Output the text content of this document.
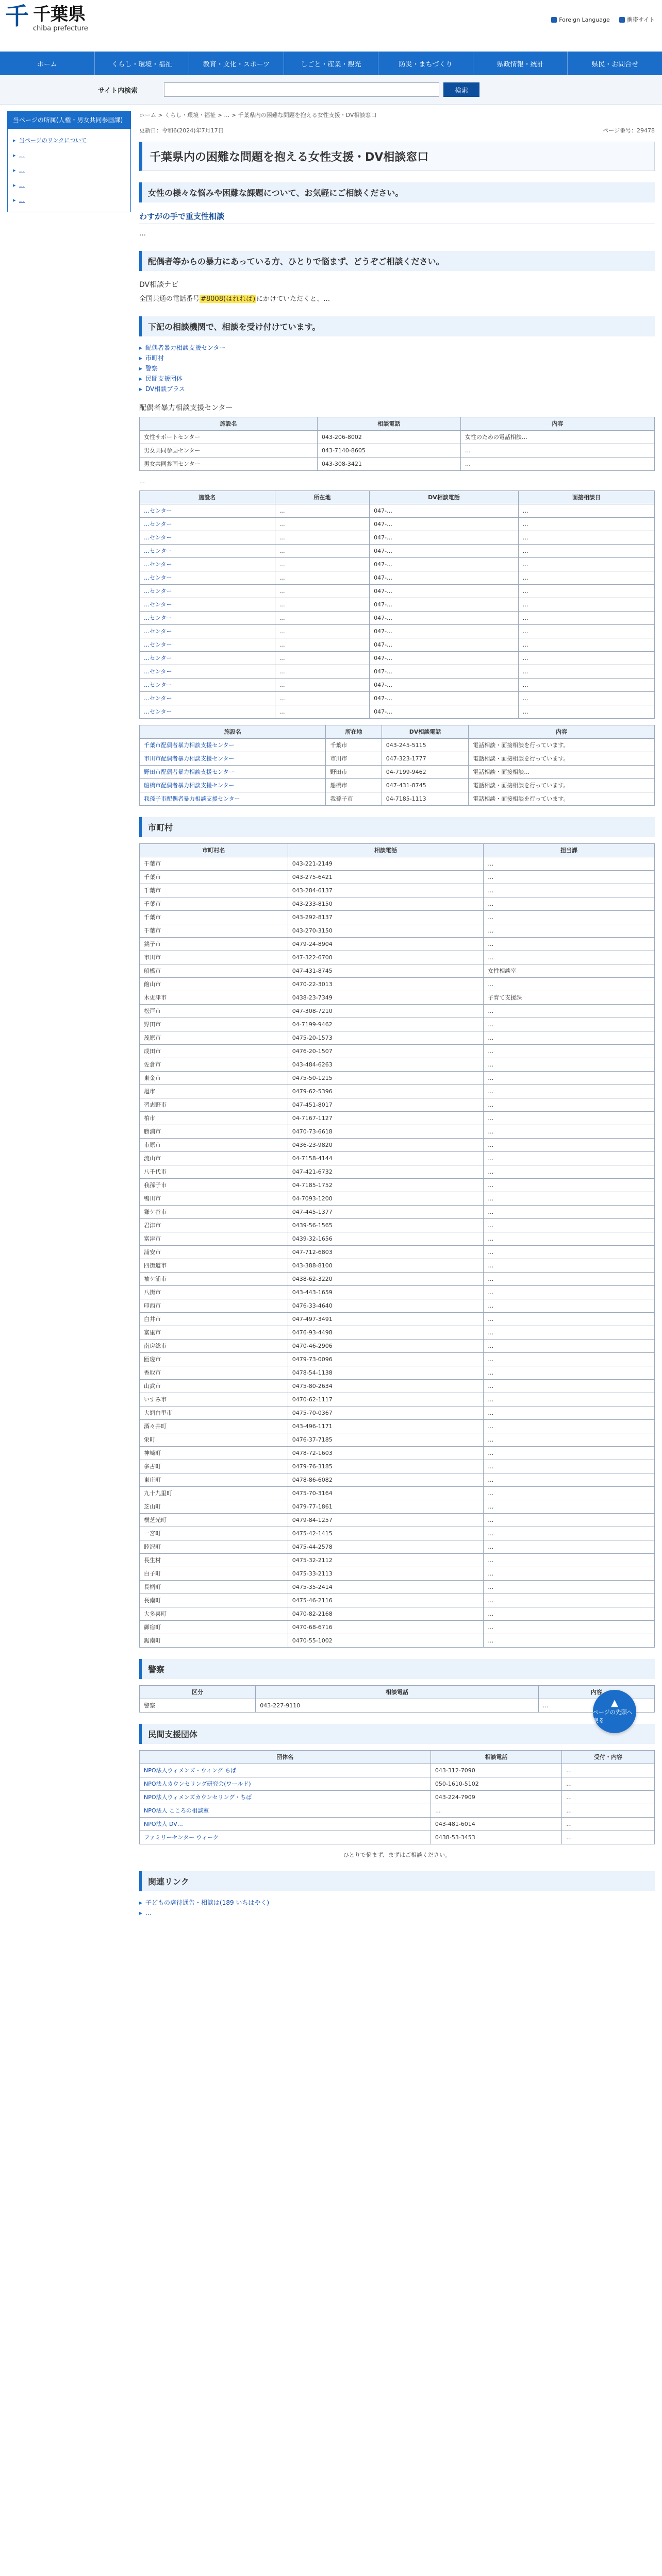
千 千葉県
chiba prefecture
Foreign Language	携帯サイト
ホーム	くらし・環境・福祉	教育・文化・スポーツ	しごと・産業・観光	防災・まちづくり	県政情報・統計	県民・お問合せ
サイト内検索	検索
当ページの所属(人権・男女共同参画課)
▸ 当ページのリンクについて
▸ …
▸ …
▸ …
▸ …
ホーム > くらし・環境・福祉 > … > 千葉県内の困難な問題を抱える女性支援・DV相談窓口
更新日：令和6(2024)年7月17日	ページ番号：29478
千葉県内の困難な問題を抱える女性支援・DV相談窓口
女性の様々な悩みや困難な課題について、お気軽にご相談ください。
わすがの手で重支性相談

…

配偶者等からの暴力にあっている方、ひとりで悩まず、どうぞご相談ください。
DV相談ナビ

全国共通の電話番号 #8008(はれれば) にかけていただくと、…

下記の相談機関で、相談を受け付けています。
▸ 配偶者暴力相談支援センター
▸ 市町村
▸ 警察
▸ 民間支援団体
▸ DV相談プラス
配偶者暴力相談支援センター
施設名	相談電話	内容
女性サポートセンター	043-206-8002	女性のための電話相談…
男女共同参画センター	043-7140-8605	…
男女共同参画センター	043-308-3421	…
…
施設名	所在地	DV相談電話	面接相談日
…センター	…	047-…	…
…センター	…	047-…	…
…センター	…	047-…	…
…センター	…	047-…	…
…センター	…	047-…	…
…センター	…	047-…	…
…センター	…	047-…	…
…センター	…	047-…	…
…センター	…	047-…	…
…センター	…	047-…	…
…センター	…	047-…	…
…センター	…	047-…	…
…センター	…	047-…	…
…センター	…	047-…	…
…センター	…	047-…	…
…センター	…	047-…	…
施設名	所在地	DV相談電話	内容
千葉市配偶者暴力相談支援センター	千葉市	043-245-5115	電話相談・面接相談を行っています。
市川市配偶者暴力相談支援センター	市川市	047-323-1777	電話相談・面接相談を行っています。
野田市配偶者暴力相談支援センター	野田市	04-7199-9462	電話相談・面接相談…
船橋市配偶者暴力相談支援センター	船橋市	047-431-8745	電話相談・面接相談を行っています。
我孫子市配偶者暴力相談支援センター	我孫子市	04-7185-1113	電話相談・面接相談を行っています。
市町村
市町村名	相談電話	担当課
千葉市	043-221-2149	…
千葉市	043-275-6421	…
千葉市	043-284-6137	…
千葉市	043-233-8150	…
千葉市	043-292-8137	…
千葉市	043-270-3150	…
銚子市	0479-24-8904	…
市川市	047-322-6700	…
船橋市	047-431-8745	女性相談室
館山市	0470-22-3013	…
木更津市	0438-23-7349	子育て支援課
松戸市	047-308-7210	…
野田市	04-7199-9462	…
茂原市	0475-20-1573	…
成田市	0476-20-1507	…
佐倉市	043-484-6263	…
東金市	0475-50-1215	…
旭市	0479-62-5396	…
習志野市	047-451-8017	…
柏市	04-7167-1127	…
勝浦市	0470-73-6618	…
市原市	0436-23-9820	…
流山市	04-7158-4144	…
八千代市	047-421-6732	…
我孫子市	04-7185-1752	…
鴨川市	04-7093-1200	…
鎌ケ谷市	047-445-1377	…
君津市	0439-56-1565	…
富津市	0439-32-1656	…
浦安市	047-712-6803	…
四街道市	043-388-8100	…
袖ケ浦市	0438-62-3220	…
八街市	043-443-1659	…
印西市	0476-33-4640	…
白井市	047-497-3491	…
富里市	0476-93-4498	…
南房総市	0470-46-2906	…
匝瑳市	0479-73-0096	…
香取市	0478-54-1138	…
山武市	0475-80-2634	…
いすみ市	0470-62-1117	…
大網白里市	0475-70-0367	…
酒々井町	043-496-1171	…
栄町	0476-37-7185	…
神崎町	0478-72-1603	…
多古町	0479-76-3185	…
東庄町	0478-86-6082	…
九十九里町	0475-70-3164	…
芝山町	0479-77-1861	…
横芝光町	0479-84-1257	…
一宮町	0475-42-1415	…
睦沢町	0475-44-2578	…
長生村	0475-32-2112	…
白子町	0475-33-2113	…
長柄町	0475-35-2414	…
長南町	0475-46-2116	…
大多喜町	0470-82-2168	…
御宿町	0470-68-6716	…
鋸南町	0470-55-1002	…
警察
区分	相談電話	内容
警察	043-227-9110	…
民間支援団体
団体名	相談電話	受付・内容
NPO法人ウィメンズ・ウィング ちば	043-312-7090	…
NPO法人カウンセリング研究会(ワールド)	050-1610-5102	…
NPO法人ウィメンズカウンセリング・ちば	043-224-7909	…
NPO法人 こころの相談室	…	…
NPO法人 DV…	043-481-6014	…
ファミリーセンター ウィーク	0438-53-3453	…
ひとりで悩まず、まずはご相談ください。
関連リンク
▸ 子どもの虐待通告・相談は(189 いちはやく)
▸ …
▲
ページの先頭へ戻る
